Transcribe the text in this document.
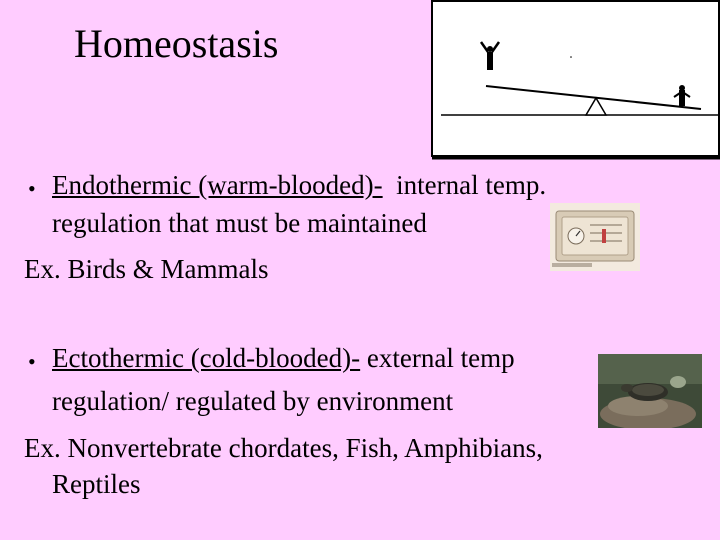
Homeostasis
• Endothermic (warm-blooded)-  internal temp.
regulation that must be maintained
Ex. Birds & Mammals
• Ectothermic (cold-blooded)- external temp
regulation/ regulated by environment
Ex. Nonvertebrate chordates, Fish, Amphibians,
Reptiles
